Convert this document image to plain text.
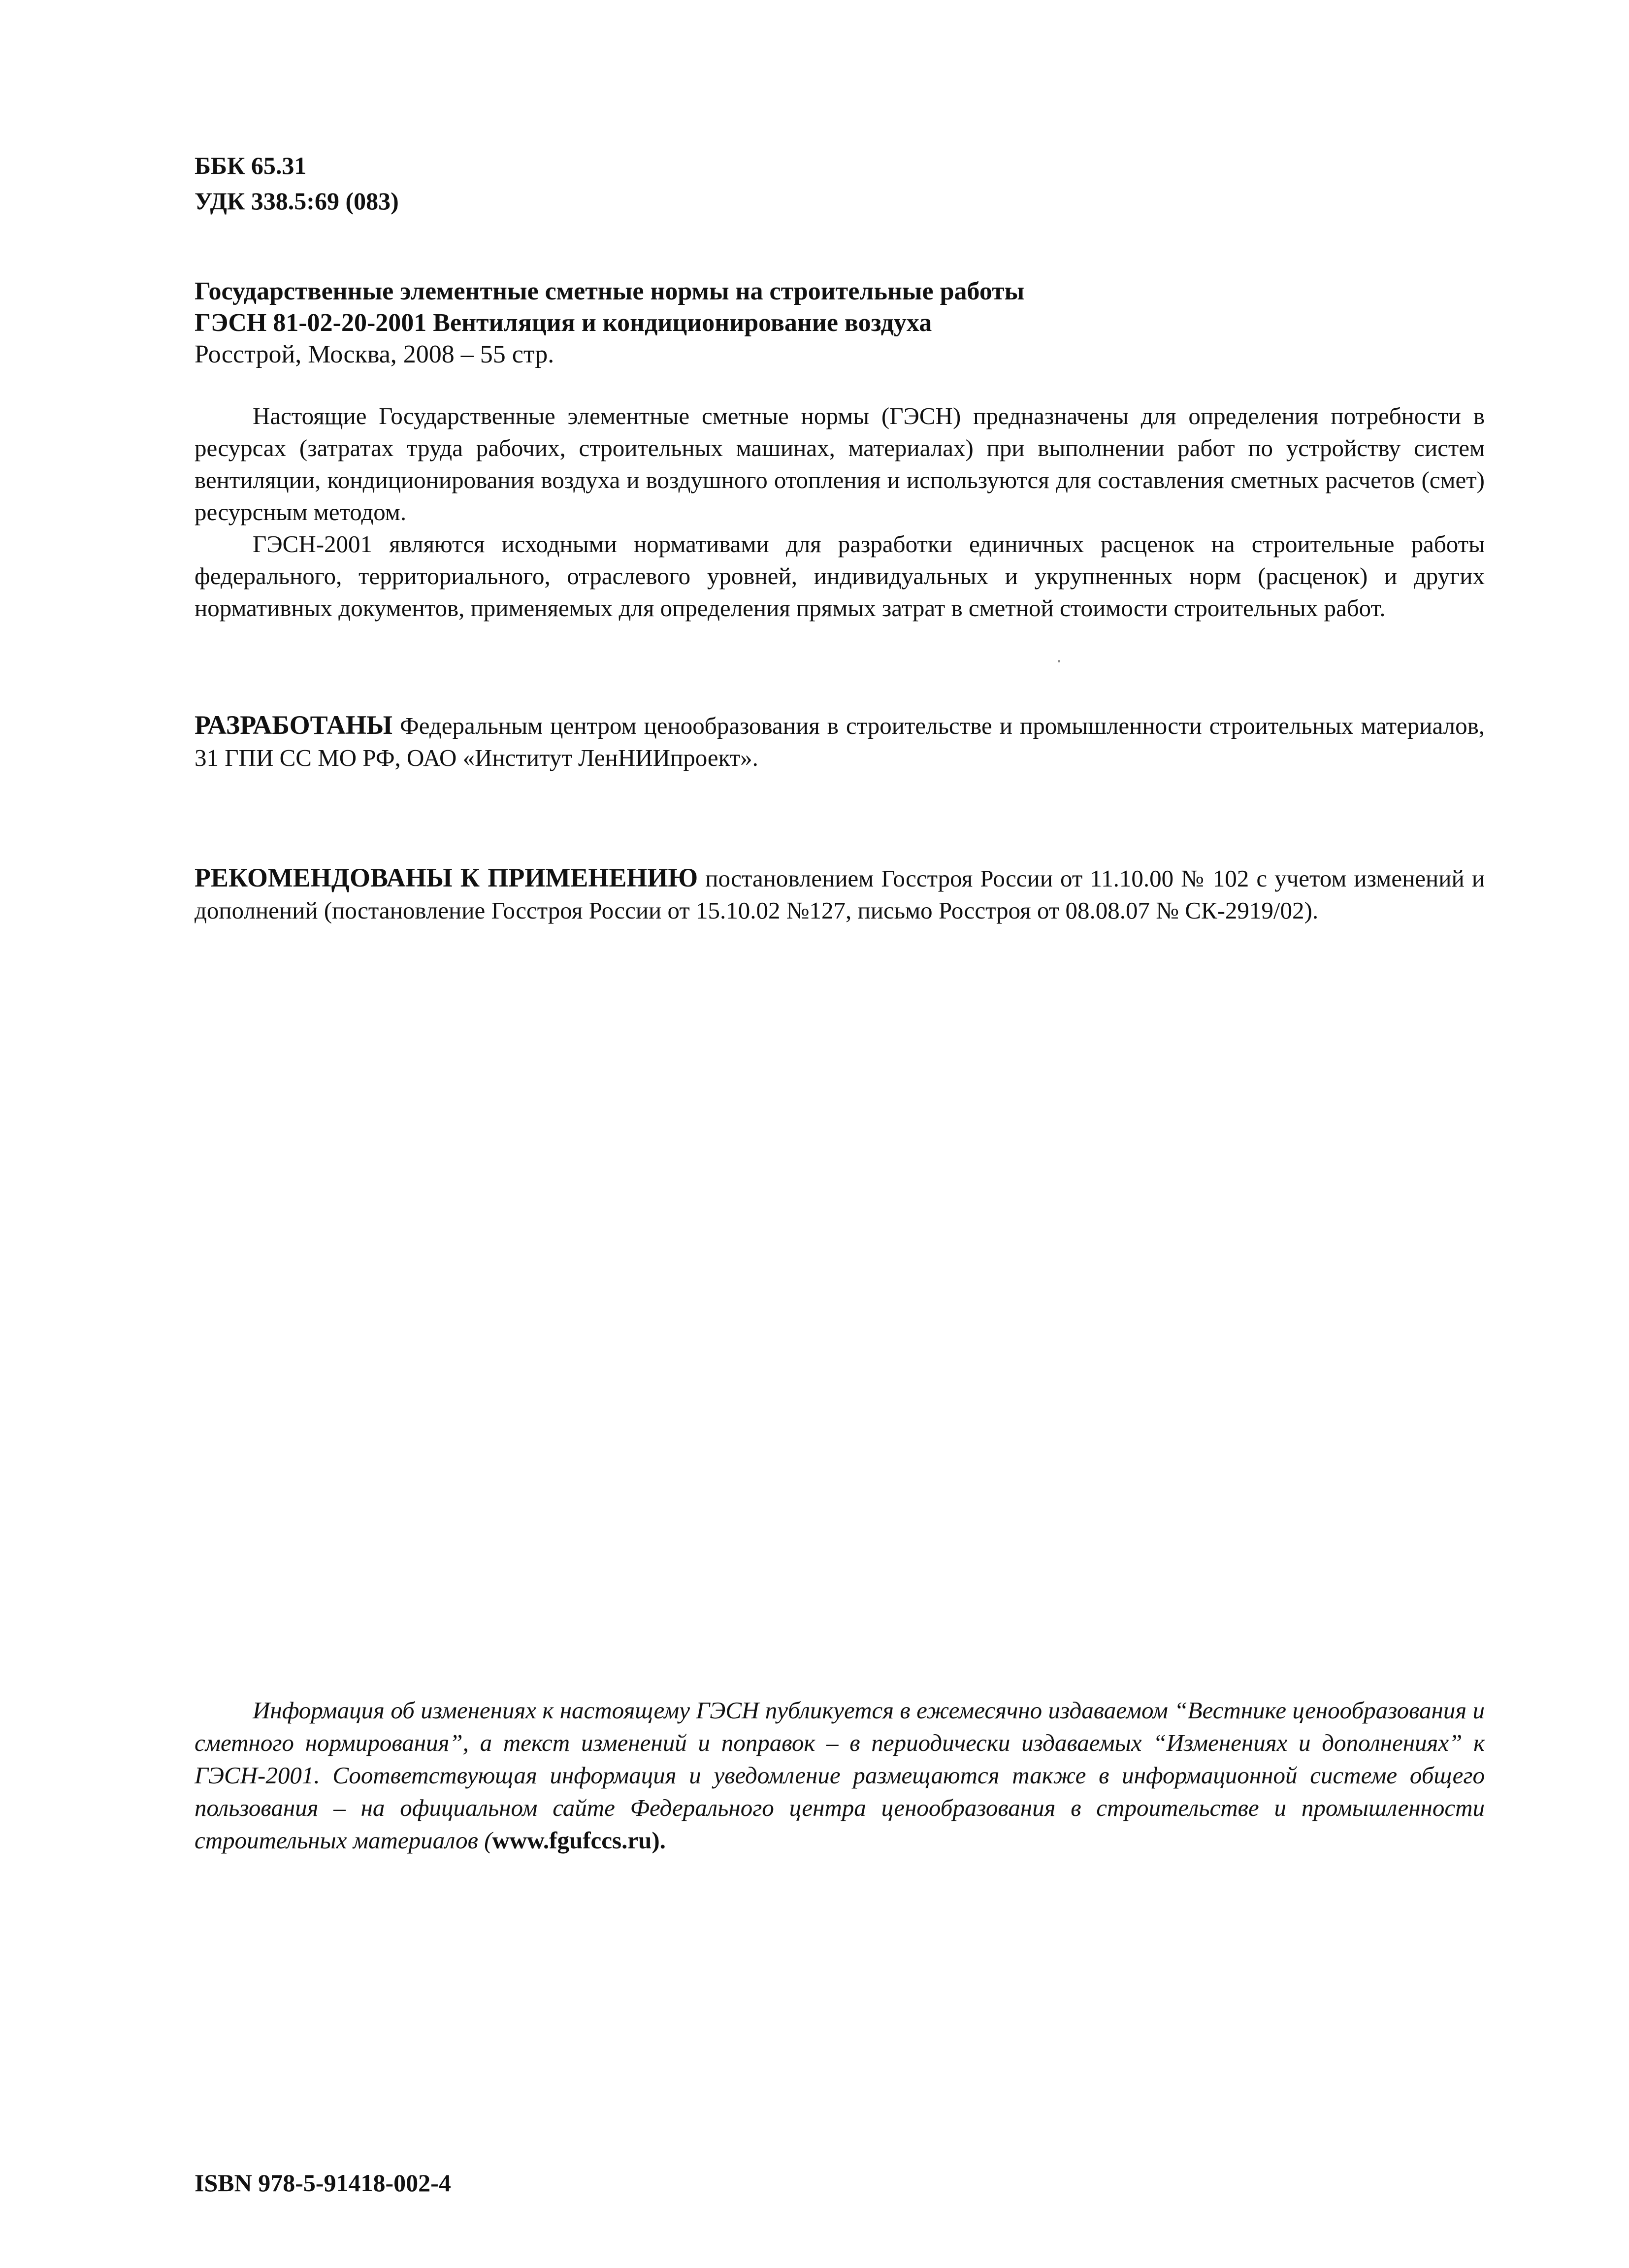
ББК 65.31
УДК 338.5:69 (083)
Государственные элементные сметные нормы на строительные работы
ГЭСН 81-02-20-2001 Вентиляция и кондиционирование воздуха
Росстрой, Москва, 2008 – 55 стр.

Настоящие Государственные элементные сметные нормы (ГЭСН) предназначены для определения потребности в ресурсах (затратах труда рабочих, строительных машинах, материалах) при выполнении работ по устройству систем вентиляции, кондиционирования воздуха и воздушного отопления и используются для составления сметных расчетов (смет) ресурсным методом.

ГЭСН-2001 являются исходными нормативами для разработки единичных расценок на строительные работы федерального, территориального, отраслевого уровней, индивидуальных и укрупненных норм (расценок) и других нормативных документов, применяемых для определения прямых затрат в сметной стоимости строительных работ.

РАЗРАБОТАНЫ Федеральным центром ценообразования в строительстве и промышленности строительных материалов, 31 ГПИ СС МО РФ, ОАО «Институт ЛенНИИпроект».
РЕКОМЕНДОВАНЫ К ПРИМЕНЕНИЮ постановлением Госстроя России от 11.10.00 № 102 с учетом изменений и дополнений (постановление Госстроя России от 15.10.02 №127, письмо Росстроя от 08.08.07 № СК-2919/02).
Информация об изменениях к настоящему ГЭСН публикуется в ежемесячно издаваемом “Вестнике ценообразования и сметного нормирования”, а текст изменений и поправок – в периодически издаваемых “Изменениях и дополнениях” к ГЭСН-2001. Соответствующая информация и уведомление размещаются также в информационной системе общего пользования – на официальном сайте Федерального центра ценообразования в строительстве и промышленности строительных материалов (www.fgufccs.ru).
ISBN 978-5-91418-002-4
